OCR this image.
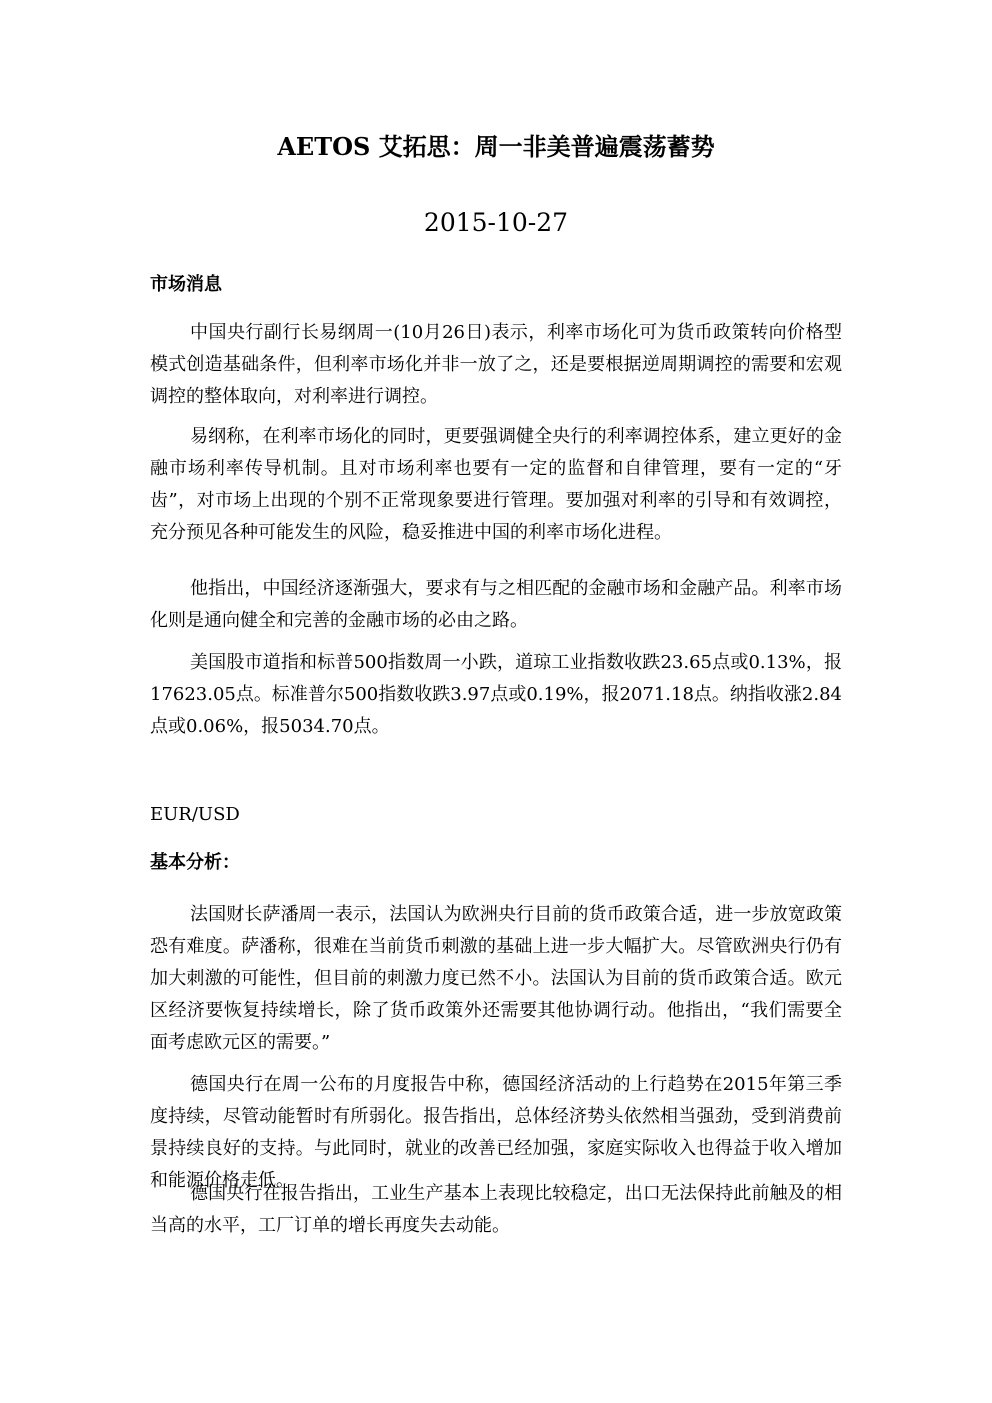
AETOS 艾拓思：周一非美普遍震荡蓄势
2015-10-27
市场消息

中国央行副行长易纲周一(10月26日)表示，利率市场化可为货币政策转向价格型模式创造基础条件，但利率市场化并非一放了之，还是要根据逆周期调控的需要和宏观调控的整体取向，对利率进行调控。

易纲称，在利率市场化的同时，更要强调健全央行的利率调控体系，建立更好的金融市场利率传导机制。且对市场利率也要有一定的监督和自律管理，要有一定的“牙齿”，对市场上出现的个别不正常现象要进行管理。要加强对利率的引导和有效调控，充分预见各种可能发生的风险，稳妥推进中国的利率市场化进程。

他指出，中国经济逐渐强大，要求有与之相匹配的金融市场和金融产品。利率市场化则是通向健全和完善的金融市场的必由之路。

美国股市道指和标普500指数周一小跌，道琼工业指数收跌23.65点或0.13%，报17623.05点。标准普尔500指数收跌3.97点或0.19%，报2071.18点。纳指收涨2.84点或0.06%，报5034.70点。

EUR/USD
基本分析：

法国财长萨潘周一表示，法国认为欧洲央行目前的货币政策合适，进一步放宽政策恐有难度。萨潘称，很难在当前货币刺激的基础上进一步大幅扩大。尽管欧洲央行仍有加大刺激的可能性，但目前的刺激力度已然不小。法国认为目前的货币政策合适。欧元区经济要恢复持续增长，除了货币政策外还需要其他协调行动。他指出，“我们需要全面考虑欧元区的需要。”

德国央行在周一公布的月度报告中称，德国经济活动的上行趋势在2015年第三季度持续，尽管动能暂时有所弱化。报告指出，总体经济势头依然相当强劲，受到消费前景持续良好的支持。与此同时，就业的改善已经加强，家庭实际收入也得益于收入增加和能源价格走低。

德国央行在报告指出，工业生产基本上表现比较稳定，出口无法保持此前触及的相当高的水平，工厂订单的增长再度失去动能。
